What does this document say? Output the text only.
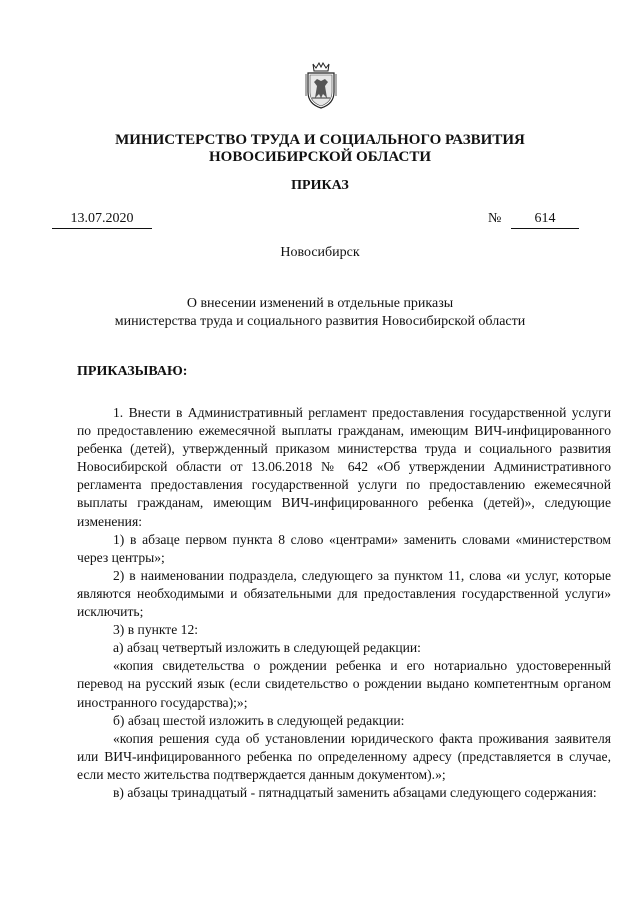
МИНИСТЕРСТВО ТРУДА И СОЦИАЛЬНОГО РАЗВИТИЯ
НОВОСИБИРСКОЙ ОБЛАСТИ
ПРИКАЗ
13.07.2020	№	614
Новосибирск
О внесении изменений в отдельные приказы
министерства труда и социального развития Новосибирской области
ПРИКАЗЫВАЮ:

1. Внести в Административный регламент предоставления государственной услуги по предоставлению ежемесячной выплаты гражданам, имеющим ВИЧ-инфицированного ребенка (детей), утвержденный приказом министерства труда и социального развития Новосибирской области от 13.06.2018 № 642 «Об утверждении Административного регламента предоставления государственной услуги по предоставлению ежемесячной выплаты гражданам, имеющим ВИЧ-инфицированного ребенка (детей)», следующие изменения:

1) в абзаце первом пункта 8 слово «центрами» заменить словами «министерством через центры»;

2) в наименовании подраздела, следующего за пунктом 11, слова «и услуг, которые являются необходимыми и обязательными для предоставления государственной услуги» исключить;

3) в пункте 12:

а) абзац четвертый изложить в следующей редакции:

«копия свидетельства о рождении ребенка и его нотариально удостоверенный перевод на русский язык (если свидетельство о рождении выдано компетентным органом иностранного государства);»;

б) абзац шестой изложить в следующей редакции:

«копия решения суда об установлении юридического факта проживания заявителя или ВИЧ-инфицированного ребенка по определенному адресу (представляется в случае, если место жительства подтверждается данным документом).»;

в) абзацы тринадцатый - пятнадцатый заменить абзацами следующего содержания:
